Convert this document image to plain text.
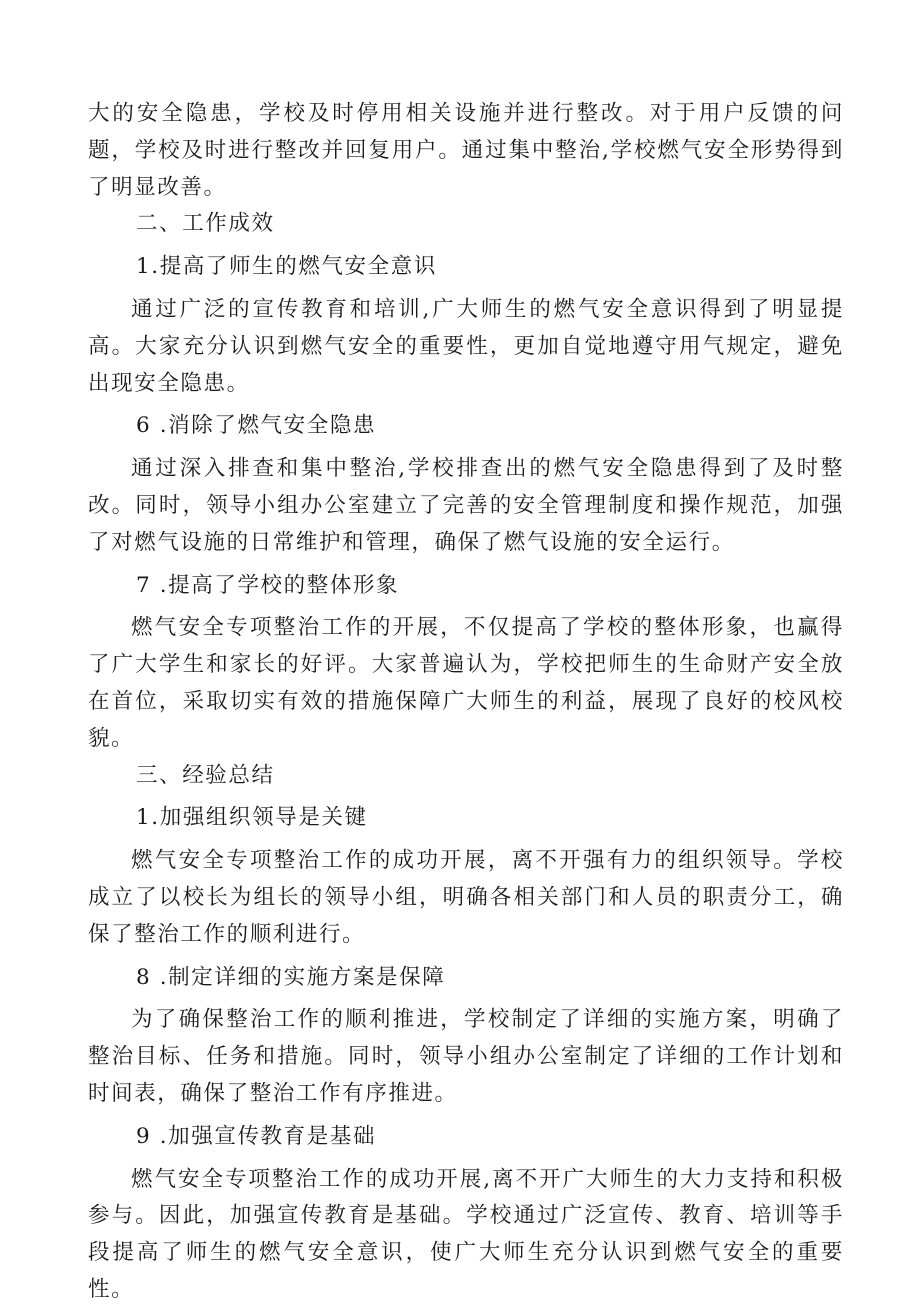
大的安全隐患，学校及时停用相关设施并进行整改。对于用户反馈的问题，学校及时进行整改并回复用户。通过集中整治,学校燃气安全形势得到了明显改善。

二、工作成效

1.提高了师生的燃气安全意识

通过广泛的宣传教育和培训,广大师生的燃气安全意识得到了明显提高。大家充分认识到燃气安全的重要性，更加自觉地遵守用气规定，避免出现安全隐患。

6 .消除了燃气安全隐患

通过深入排查和集中整治,学校排查出的燃气安全隐患得到了及时整改。同时，领导小组办公室建立了完善的安全管理制度和操作规范，加强了对燃气设施的日常维护和管理，确保了燃气设施的安全运行。

7 .提高了学校的整体形象

燃气安全专项整治工作的开展，不仅提高了学校的整体形象，也赢得了广大学生和家长的好评。大家普遍认为，学校把师生的生命财产安全放在首位，采取切实有效的措施保障广大师生的利益，展现了良好的校风校貌。

三、经验总结

1.加强组织领导是关键

燃气安全专项整治工作的成功开展，离不开强有力的组织领导。学校成立了以校长为组长的领导小组，明确各相关部门和人员的职责分工，确保了整治工作的顺利进行。

8 .制定详细的实施方案是保障

为了确保整治工作的顺利推进，学校制定了详细的实施方案，明确了整治目标、任务和措施。同时，领导小组办公室制定了详细的工作计划和时间表，确保了整治工作有序推进。

9 .加强宣传教育是基础

燃气安全专项整治工作的成功开展,离不开广大师生的大力支持和积极参与。因此，加强宣传教育是基础。学校通过广泛宣传、教育、培训等手段提高了师生的燃气安全意识，使广大师生充分认识到燃气安全的重要性。
